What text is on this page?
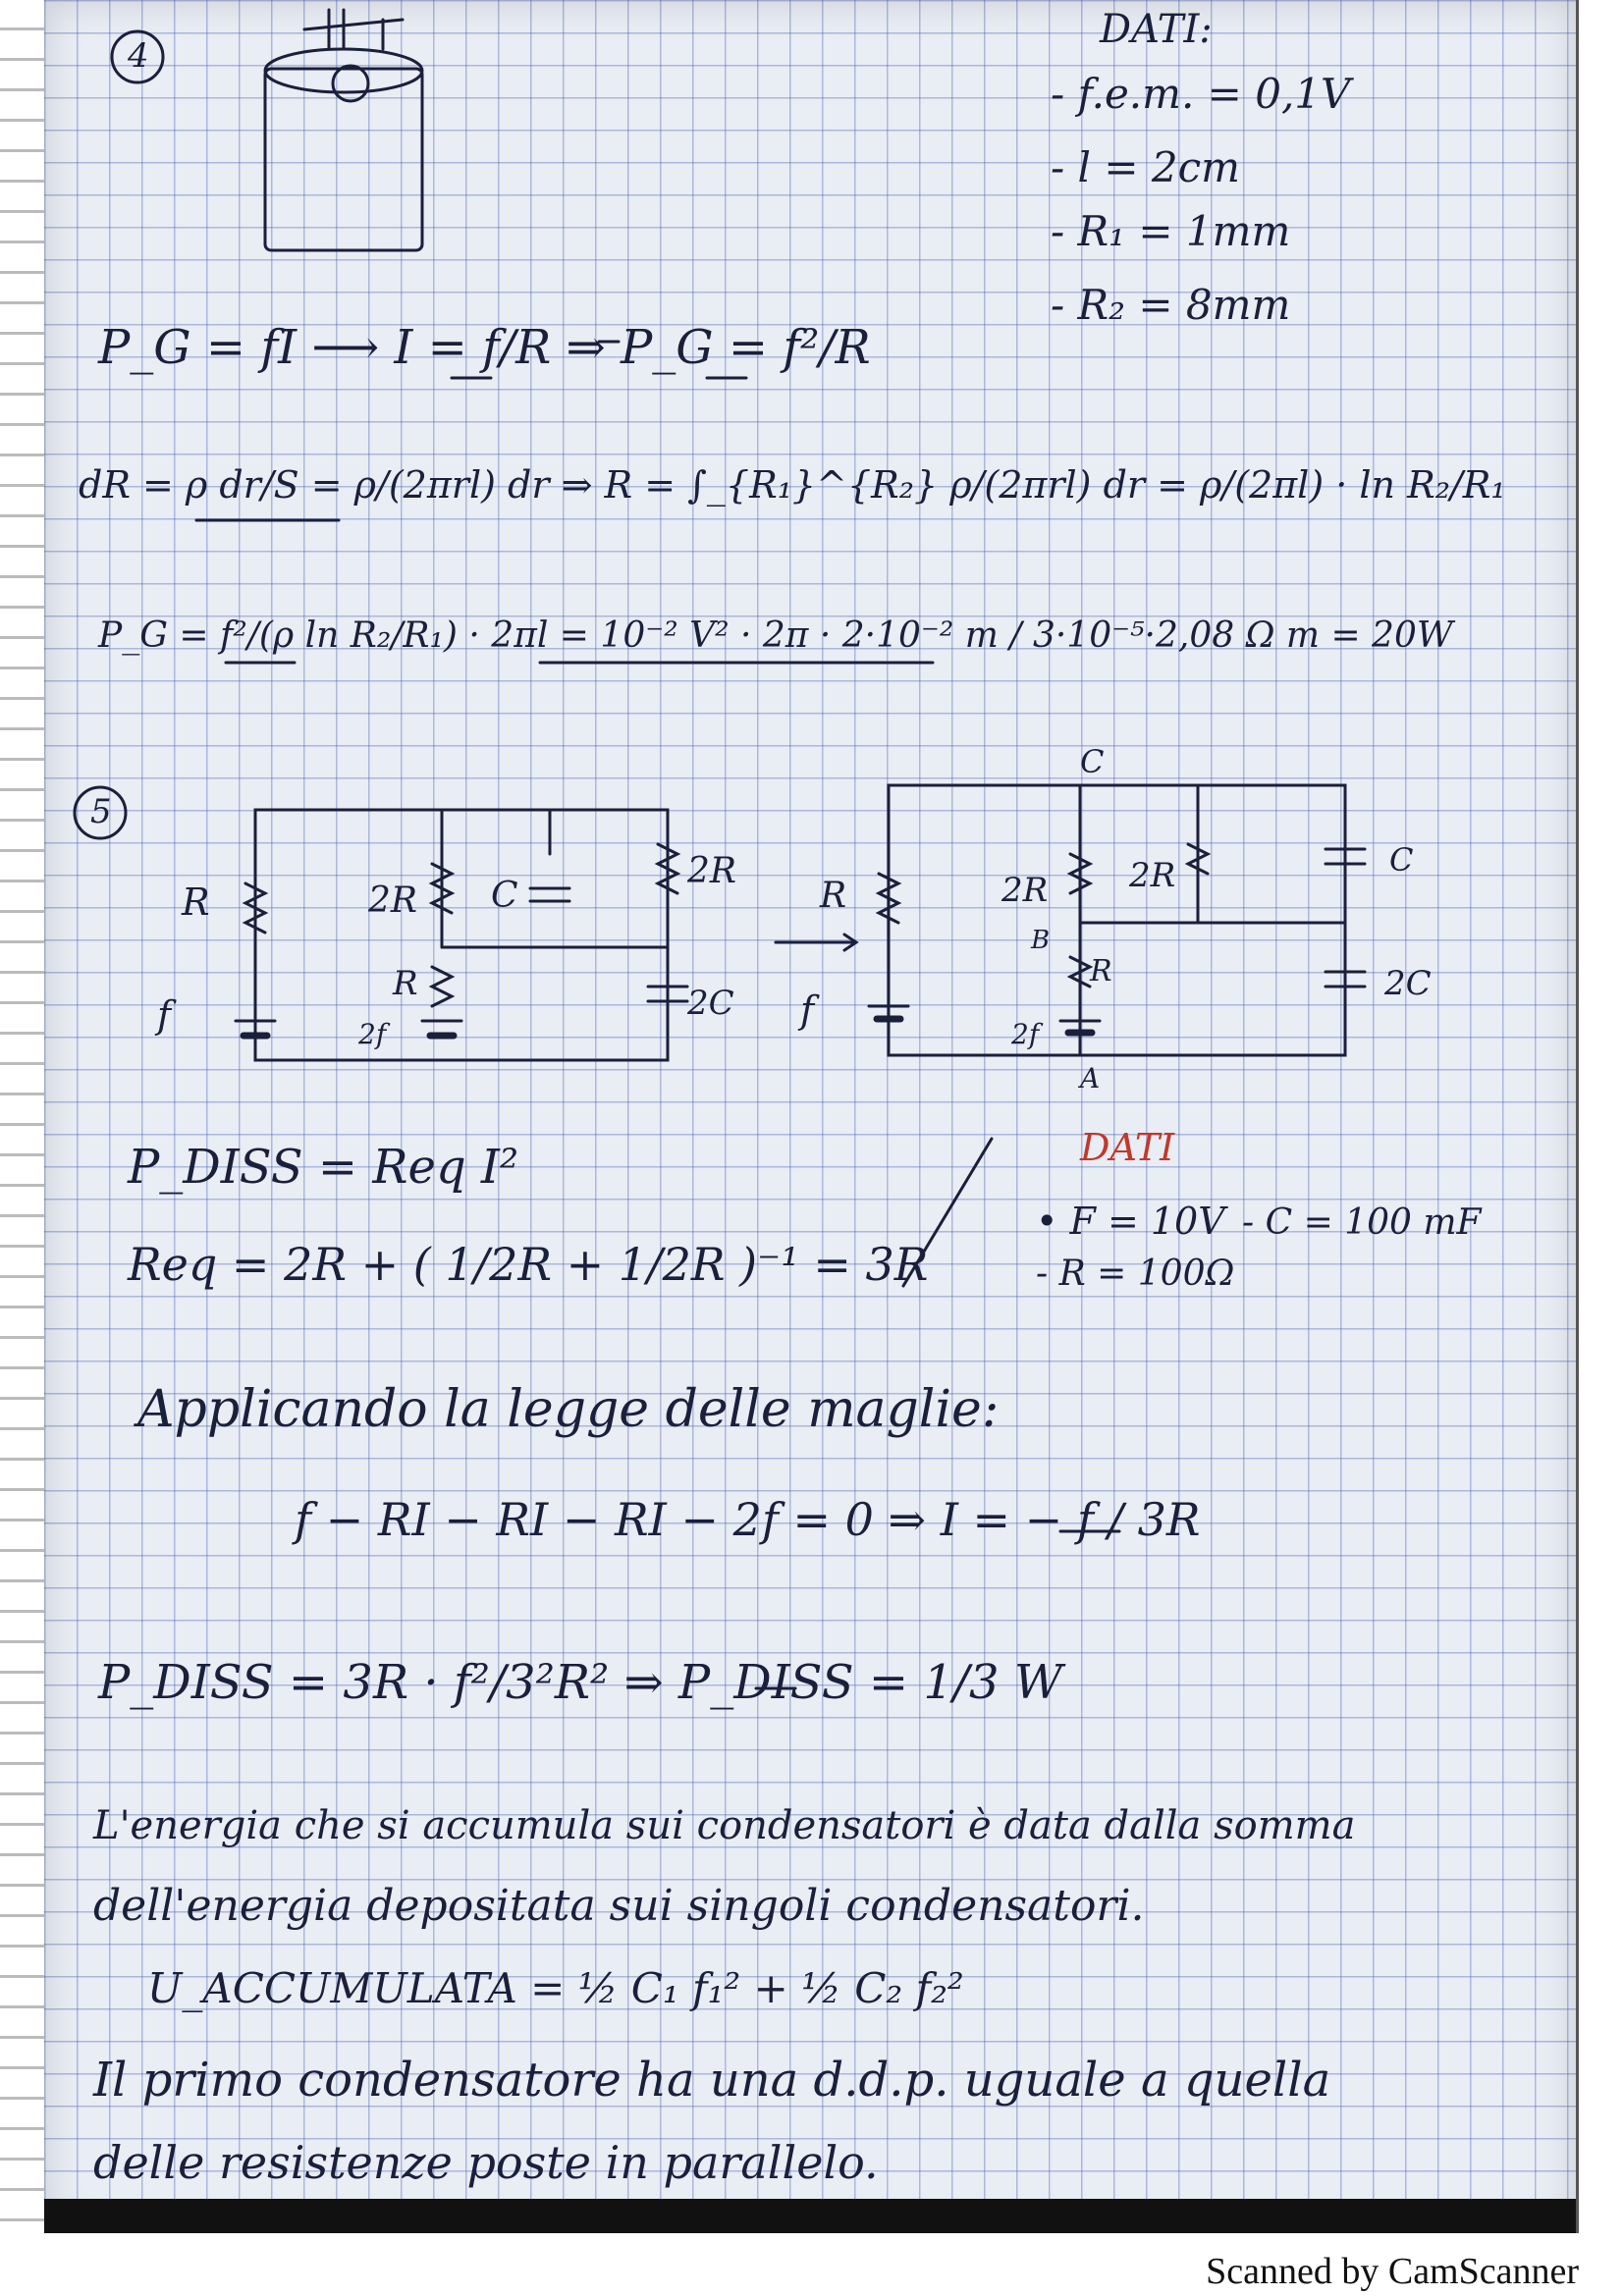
4
DATI:
- f.e.m. = 0,1V
- l = 2cm
- R₁ = 1mm
- R₂ = 8mm
P_G = fI ⟶ I = f/R ⇒ P_G = f²/R
dR = ρ dr/S = ρ/(2πrl) dr ⇒ R = ∫_{R₁}^{R₂} ρ/(2πrl) dr = ρ/(2πl) · ln R₂/R₁
P_G = f²/(ρ ln R₂/R₁) · 2πl = 10⁻² V² · 2π · 2·10⁻² m / 3·10⁻⁵·2,08 Ω m = 20W
5
R	2R C
2R
R	2C
f	2f
C
R	2R 2R	C
B
R	2C
f
2f
A
DATI
• F = 10V
- R = 100Ω
- C = 100 mF
P_DISS = Req I²
Req = 2R + ( 1/2R + 1/2R )⁻¹ = 3R
Applicando la legge delle maglie:
f − RI − RI − RI − 2f = 0 ⇒ I = − f / 3R
P_DISS = 3R · f²/3²R² ⇒ P_DISS = 1/3 W
L'energia che si accumula sui condensatori è data dalla somma
dell'energia depositata sui singoli condensatori.
U_ACCUMULATA = ½ C₁ f₁² + ½ C₂ f₂²
Il primo condensatore ha una d.d.p. uguale a quella
delle resistenze poste in parallelo.
Scanned by CamScanner
